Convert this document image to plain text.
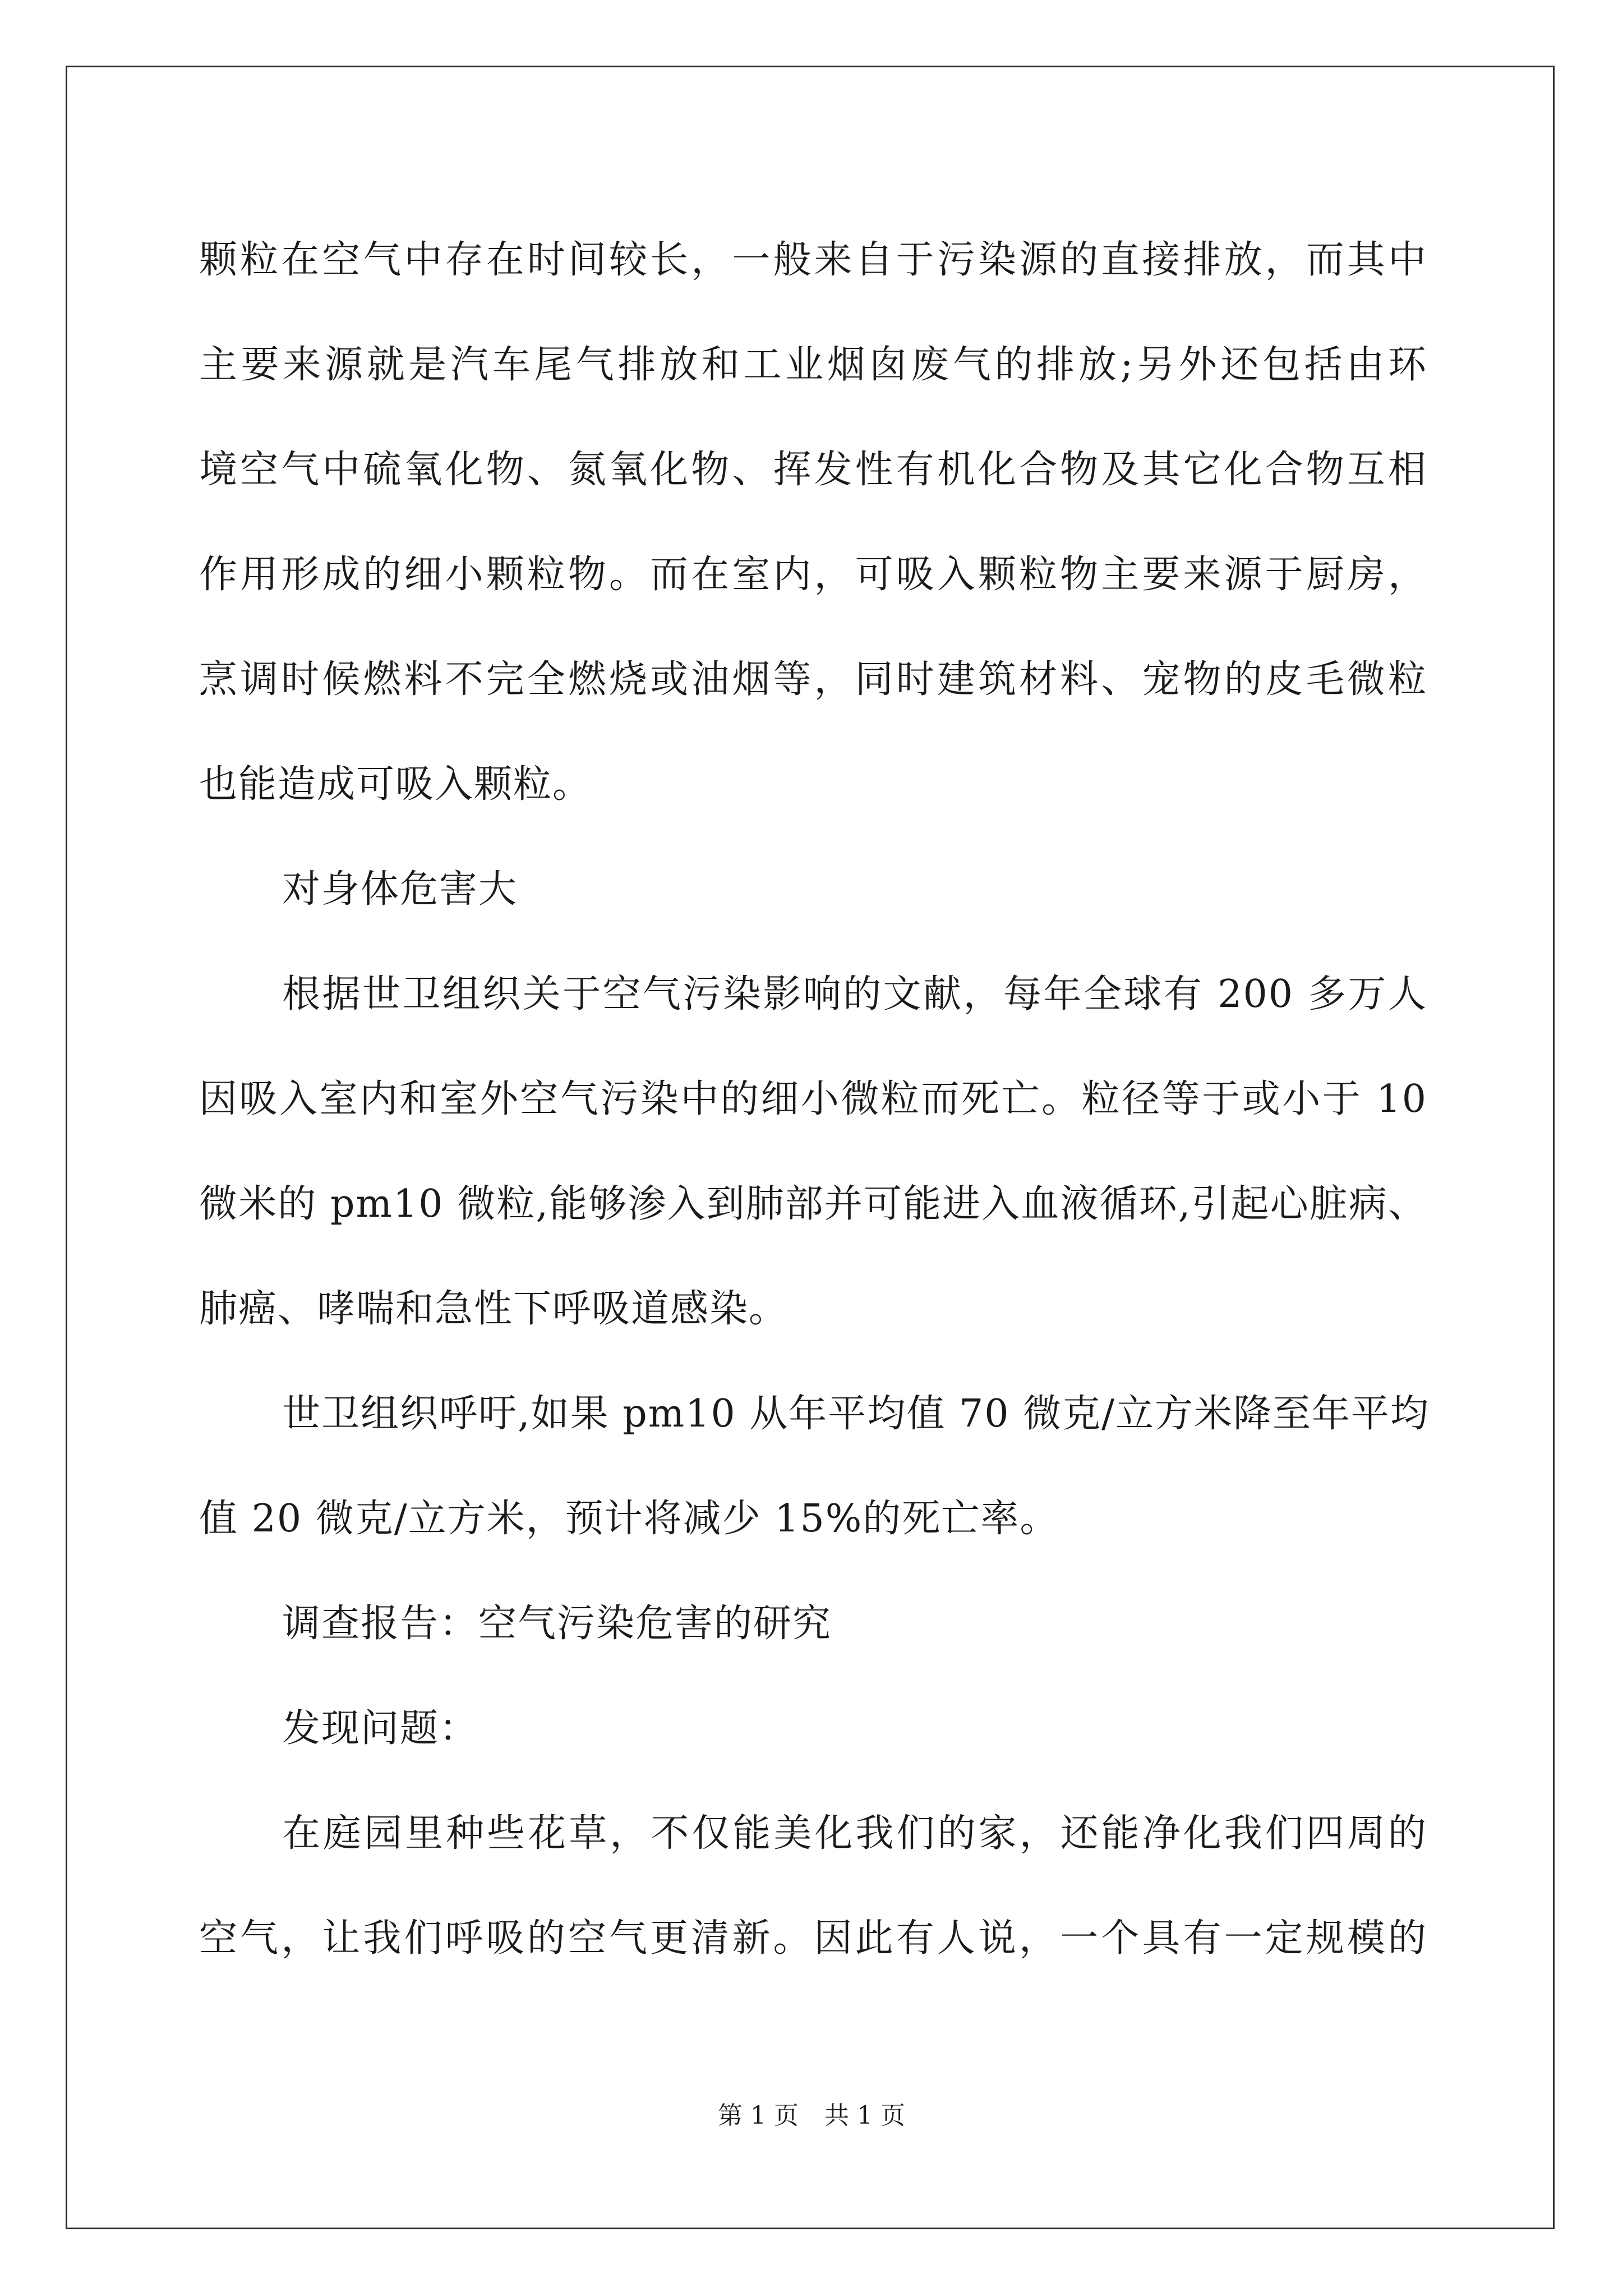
颗粒在空气中存在时间较长，一般来自于污染源的直接排放，而其中
主要来源就是汽车尾气排放和工业烟囱废气的排放;另外还包括由环
境空气中硫氧化物、氮氧化物、挥发性有机化合物及其它化合物互相
作用形成的细小颗粒物。而在室内，可吸入颗粒物主要来源于厨房，
烹调时候燃料不完全燃烧或油烟等，同时建筑材料、宠物的皮毛微粒
也能造成可吸入颗粒。
对身体危害大
根据世卫组织关于空气污染影响的文献，每年全球有 200 多万人
因吸入室内和室外空气污染中的细小微粒而死亡。粒径等于或小于 10
微米的 pm10 微粒,能够渗入到肺部并可能进入血液循环,引起心脏病、
肺癌、哮喘和急性下呼吸道感染。
世卫组织呼吁,如果 pm10 从年平均值 70 微克/立方米降至年平均
值 20 微克/立方米，预计将减少 15%的死亡率。
调查报告：空气污染危害的研究
发现问题：
在庭园里种些花草，不仅能美化我们的家，还能净化我们四周的
空气，让我们呼吸的空气更清新。因此有人说，一个具有一定规模的
第 1 页 共 1 页
